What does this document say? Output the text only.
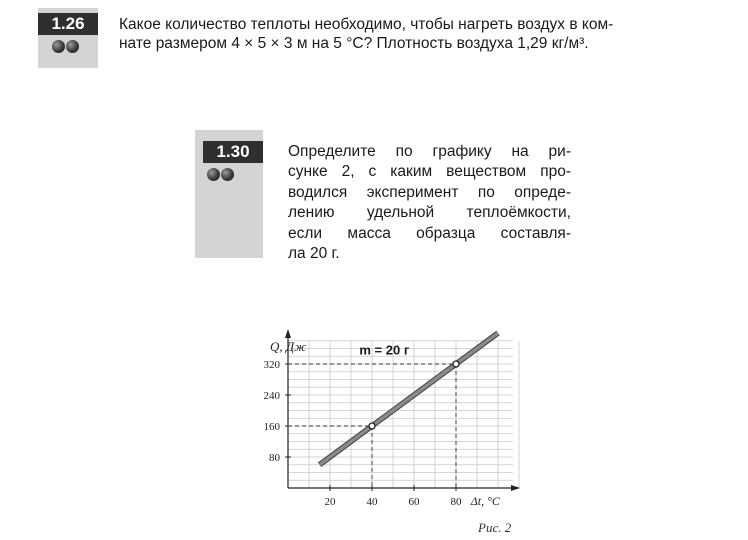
1.26	Какое количество теплоты необходимо, чтобы нагреть воздух в ком-

нате размером 4 × 5 × 3 м на 5 °С? Плотность воздуха 1,29 кг/м³.

1.30	Определите по графику на ри-

сунке 2, с каким веществом про-

водился эксперимент по опреде-

лению удельной теплоёмкости,

если масса образца составля-

ла 20 г.

80
160
240
320
20	40	60	80
Q, Дж
Δt, °С
m = 20 г
Рис. 2
